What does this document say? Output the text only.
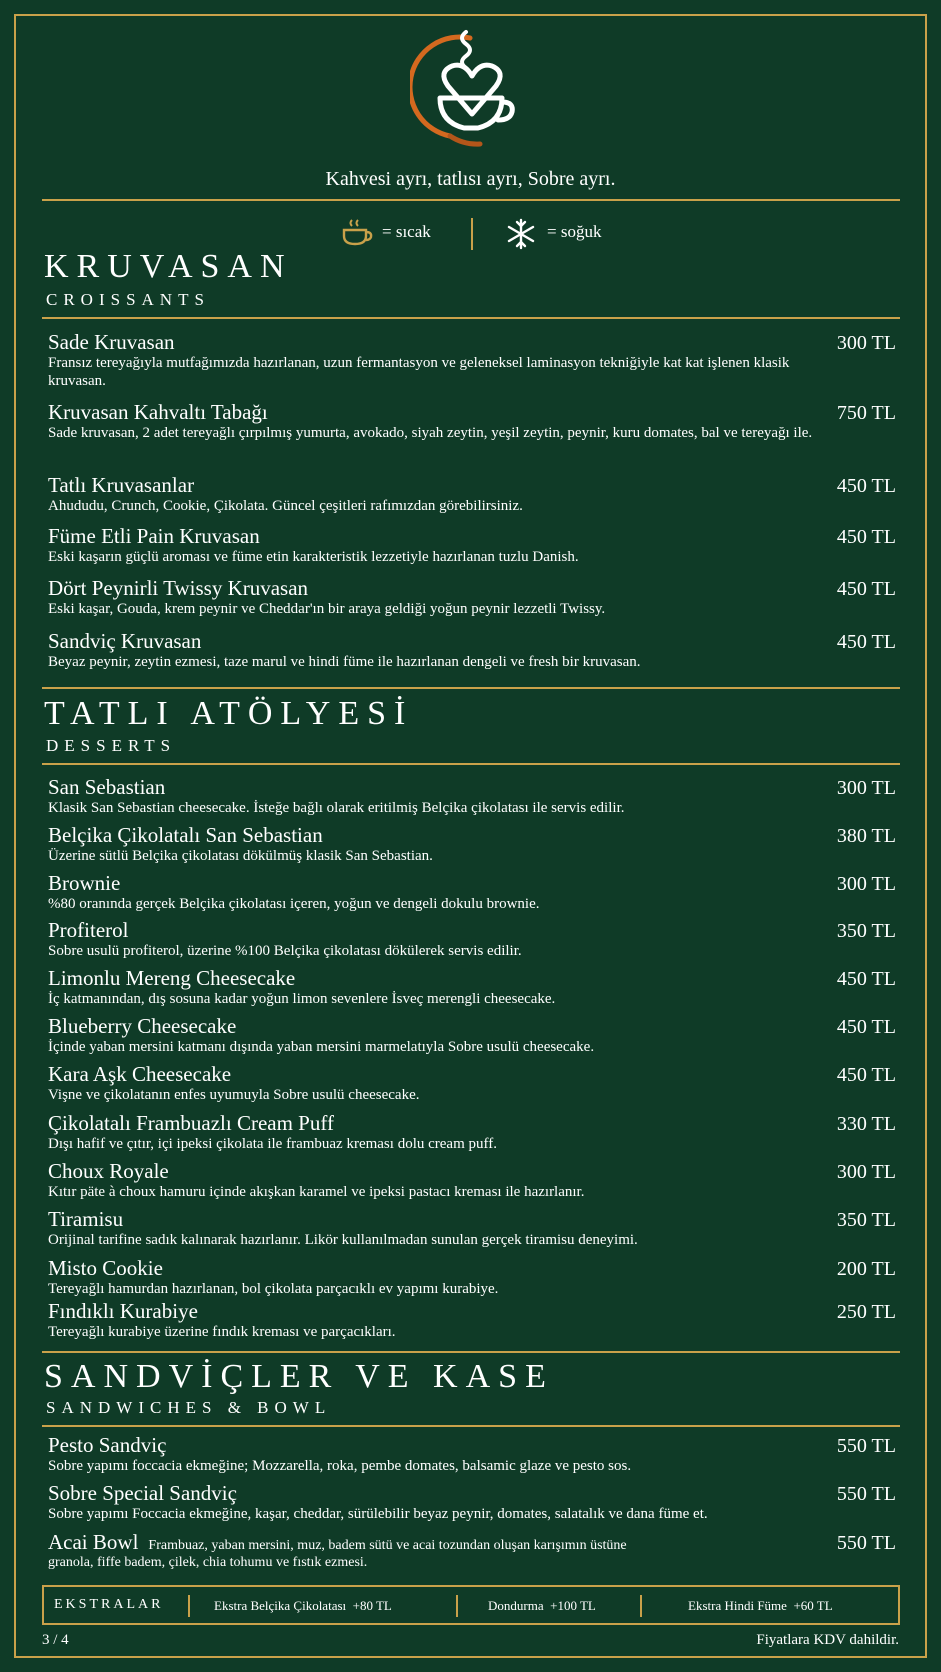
Kahvesi ayrı, tatlısı ayrı, Sobre ayrı.
= sıcak	= soğuk
KRUVASAN
CROISSANTS
Sade Kruvasan
Fransız tereyağıyla mutfağımızda hazırlanan, uzun fermantasyon ve geleneksel laminasyon tekniğiyle kat kat işlenen klasik kruvasan.
300 TL
Kruvasan Kahvaltı Tabağı
Sade kruvasan, 2 adet tereyağlı çırpılmış yumurta, avokado, siyah zeytin, yeşil zeytin, peynir, kuru domates, bal ve tereyağı ile.
750 TL
Tatlı Kruvasanlar
Ahududu, Crunch, Cookie, Çikolata. Güncel çeşitleri rafımızdan görebilirsiniz.
450 TL
Füme Etli Pain Kruvasan
Eski kaşarın güçlü aroması ve füme etin karakteristik lezzetiyle hazırlanan tuzlu Danish.
450 TL
Dört Peynirli Twissy Kruvasan
Eski kaşar, Gouda, krem peynir ve Cheddar'ın bir araya geldiği yoğun peynir lezzetli Twissy.
450 TL
Sandviç Kruvasan
Beyaz peynir, zeytin ezmesi, taze marul ve hindi füme ile hazırlanan dengeli ve fresh bir kruvasan.
450 TL
TATLI ATÖLYESİ
DESSERTS
San Sebastian
Klasik San Sebastian cheesecake. İsteğe bağlı olarak eritilmiş Belçika çikolatası ile servis edilir.
300 TL
Belçika Çikolatalı San Sebastian
Üzerine sütlü Belçika çikolatası dökülmüş klasik San Sebastian.
380 TL
Brownie
%80 oranında gerçek Belçika çikolatası içeren, yoğun ve dengeli dokulu brownie.
300 TL
Profiterol
Sobre usulü profiterol, üzerine %100 Belçika çikolatası dökülerek servis edilir.
350 TL
Limonlu Mereng Cheesecake
İç katmanından, dış sosuna kadar yoğun limon sevenlere İsveç merengli cheesecake.
450 TL
Blueberry Cheesecake
İçinde yaban mersini katmanı dışında yaban mersini marmelatıyla Sobre usulü cheesecake.
450 TL
Kara Aşk Cheesecake
Vişne ve çikolatanın enfes uyumuyla Sobre usulü cheesecake.
450 TL
Çikolatalı Frambuazlı Cream Puff
Dışı hafif ve çıtır, içi ipeksi çikolata ile frambuaz kreması dolu cream puff.
330 TL
Choux Royale
Kıtır päte à choux hamuru içinde akışkan karamel ve ipeksi pastacı kreması ile hazırlanır.
300 TL
Tiramisu
Orijinal tarifine sadık kalınarak hazırlanır. Likör kullanılmadan sunulan gerçek tiramisu deneyimi.
350 TL
Misto Cookie
Tereyağlı hamurdan hazırlanan, bol çikolata parçacıklı ev yapımı kurabiye.
200 TL
Fındıklı Kurabiye
Tereyağlı kurabiye üzerine fındık kreması ve parçacıkları.
250 TL
SANDVİÇLER VE KASE
SANDWICHES & BOWL
Pesto Sandviç
Sobre yapımı foccacia ekmeğine; Mozzarella, roka, pembe domates, balsamic glaze ve pesto sos.
550 TL
Sobre Special Sandviç
Sobre yapımı Foccacia ekmeğine, kaşar, cheddar, sürülebilir beyaz peynir, domates, salatalık ve dana füme et.
550 TL
Acai Bowl Frambuaz, yaban mersini, muz, badem sütü ve acai tozundan oluşan karışımın üstüne
granola, fiffe badem, çilek, chia tohumu ve fıstık ezmesi.
550 TL
EKSTRALAR	Ekstra Belçika Çikolatası +80 TL	Dondurma +100 TL	Ekstra Hindi Füme +60 TL
3 / 4	Fiyatlara KDV dahildir.
